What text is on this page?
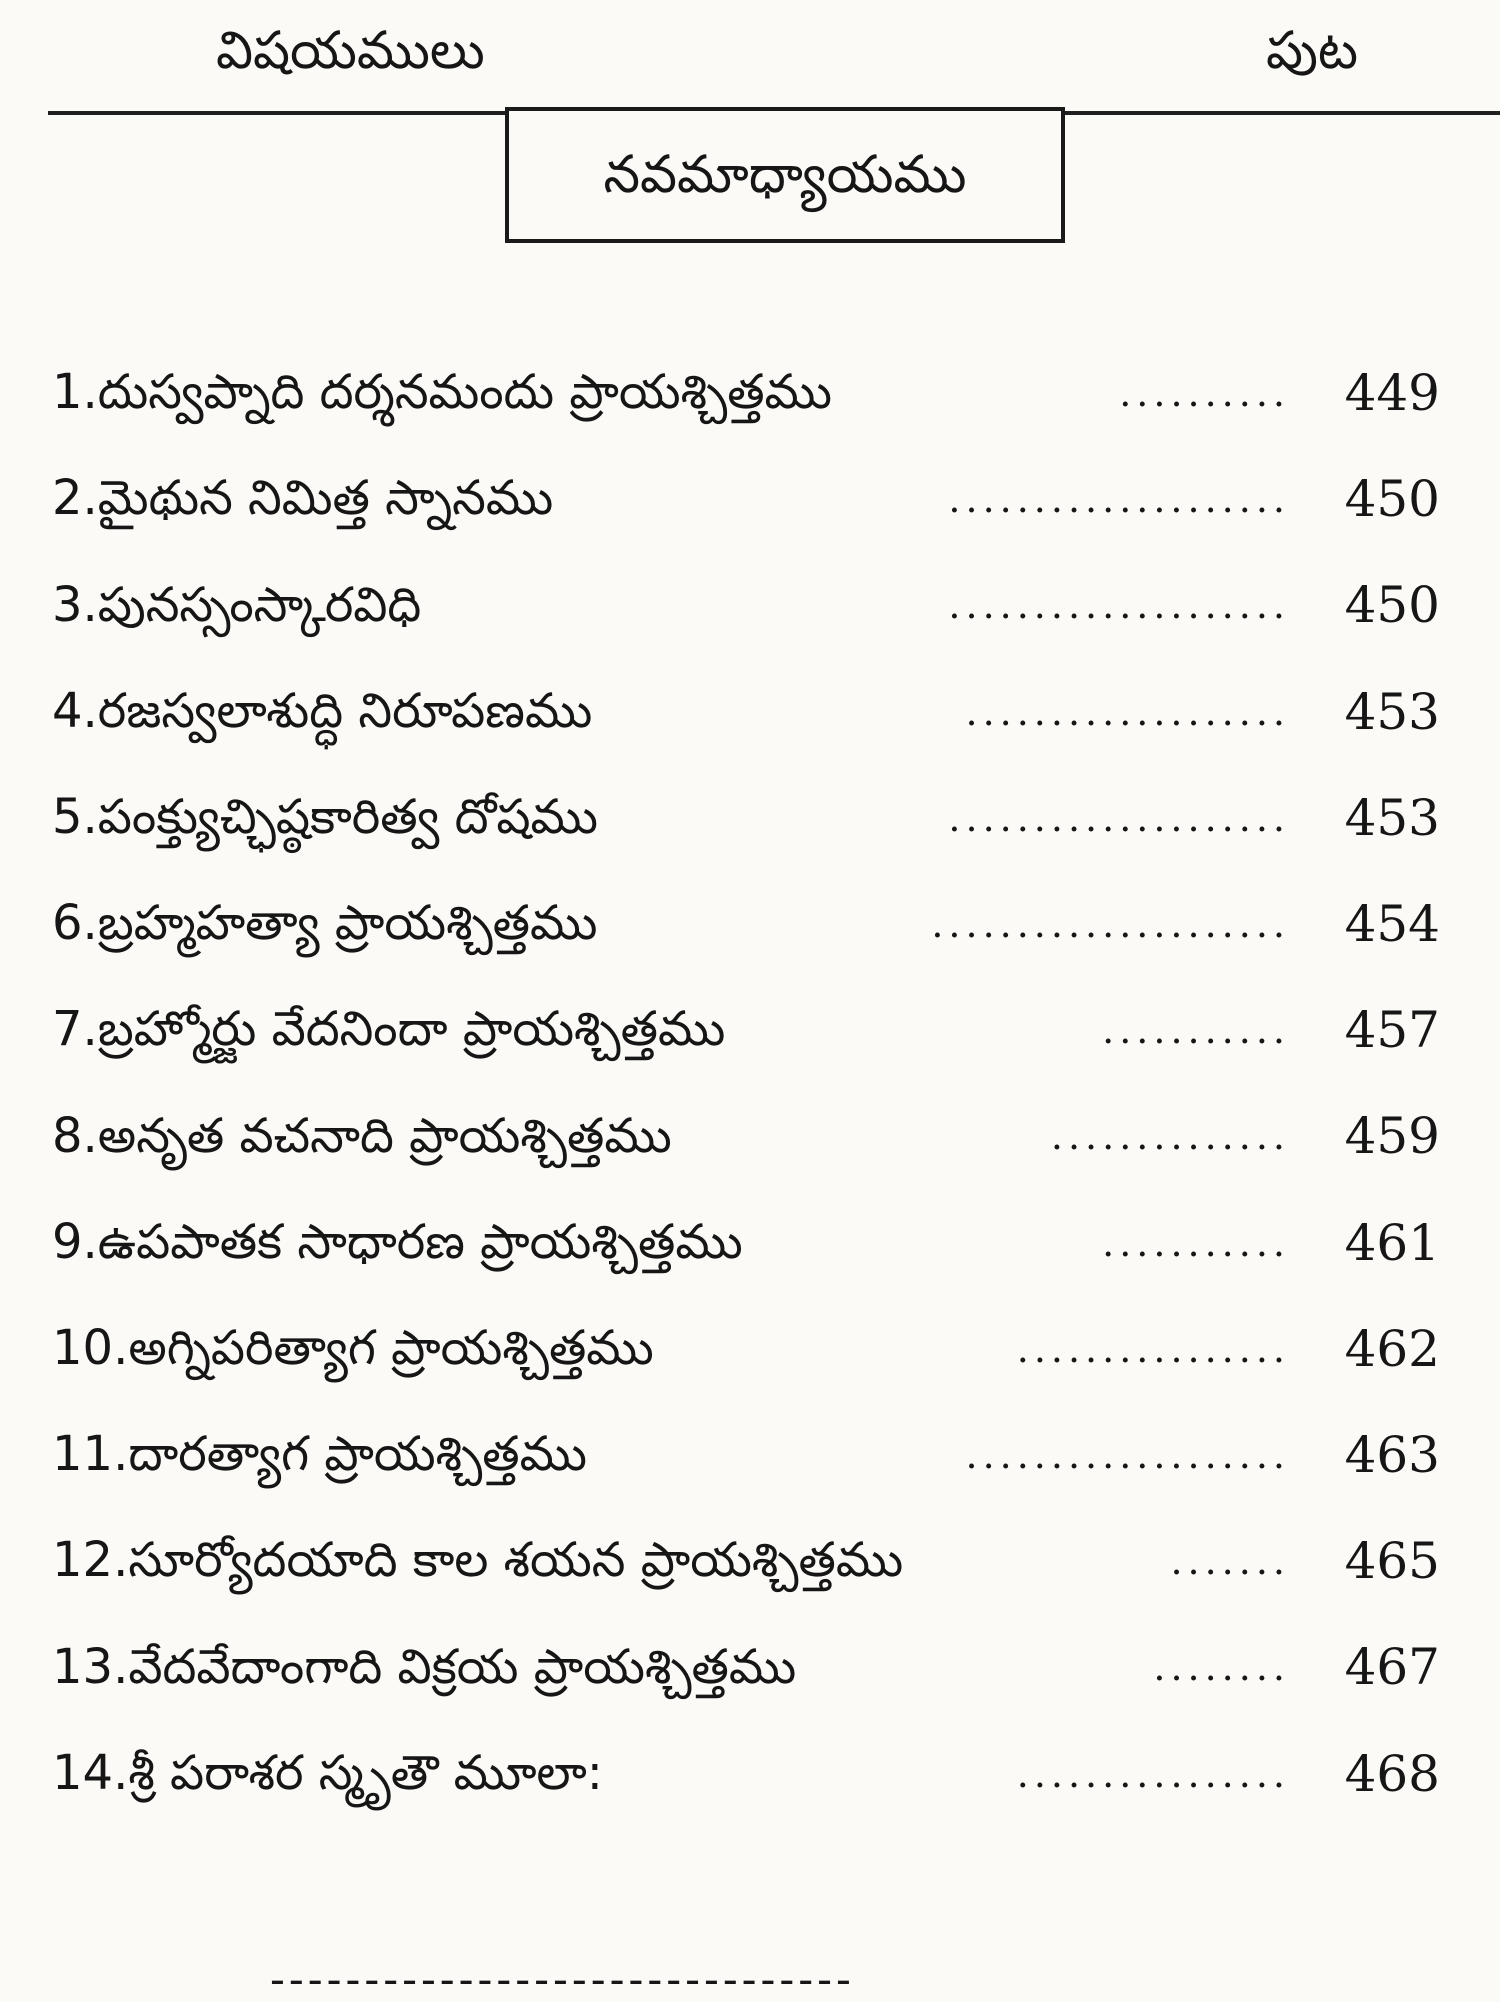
విషయములు	పుట
నవమాధ్యాయము
1.దుస్వప్నాది దర్శనమందు ప్రాయశ్చిత్తము	.......... 449
2.మైథున నిమిత్త స్నానము	.................... 450
3.పునస్సంస్కారవిధి	.................... 450
4.రజస్వలాశుద్ధి నిరూపణము	................... 453
5.పంక్త్యుచ్ఛిష్ఠకారిత్వ దోషము	.................... 453
6.బ్రహ్మహత్యా ప్రాయశ్చిత్తము	..................... 454
7.బ్రహ్మోర్జు వేదనిందా ప్రాయశ్చిత్తము	........... 457
8.అనృత వచనాది ప్రాయశ్చిత్తము	.............. 459
9.ఉపపాతక సాధారణ ప్రాయశ్చిత్తము	........... 461
10.అగ్నిపరిత్యాగ ప్రాయశ్చిత్తము	................ 462
11.దారత్యాగ ప్రాయశ్చిత్తము	................... 463
12.సూర్యోదయాది కాల శయన ప్రాయశ్చిత్తము	....... 465
13.వేదవేదాంగాది విక్రయ ప్రాయశ్చిత్తము	........ 467
14.శ్రీ పరాశర స్మృతౌ మూలా:	................ 468
-------------------------------
